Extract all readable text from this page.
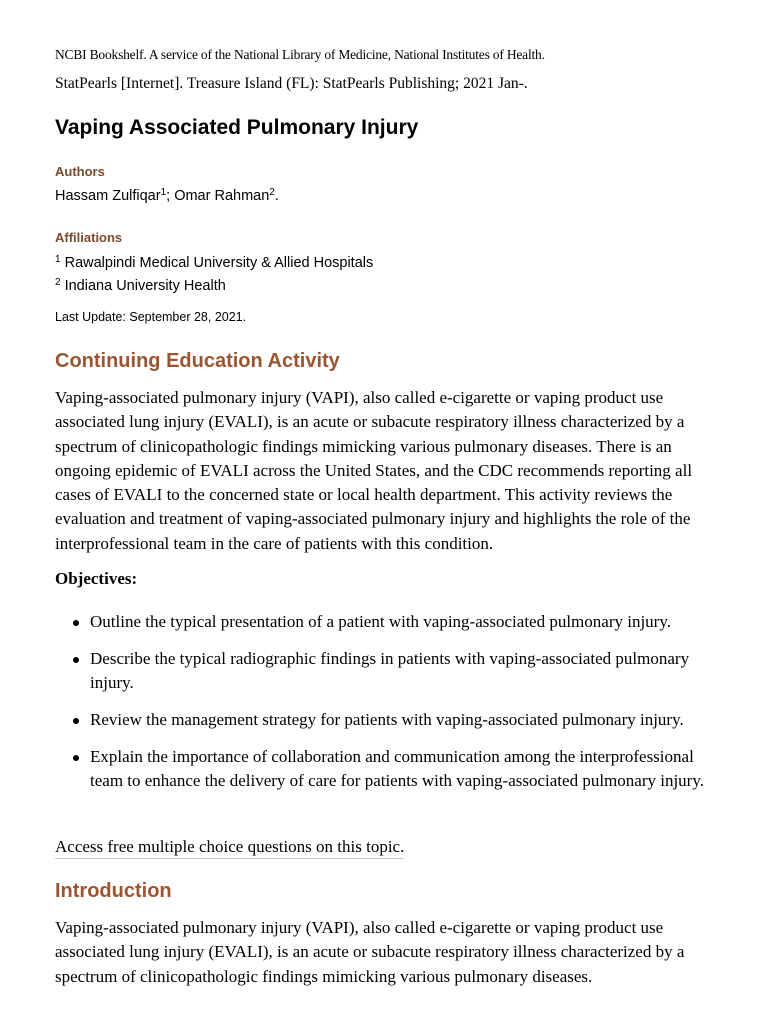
NCBI Bookshelf. A service of the National Library of Medicine, National Institutes of Health.
StatPearls [Internet]. Treasure Island (FL): StatPearls Publishing; 2021 Jan-.
Vaping Associated Pulmonary Injury
Authors
Hassam Zulfiqar$^1$; Omar Rahman$^2$.
Affiliations
$^1$ Rawalpindi Medical University & Allied Hospitals
$^2$ Indiana University Health
Last Update: September 28, 2021.
Continuing Education Activity

Vaping-associated pulmonary injury (VAPI), also called e-cigarette or vaping product use associated lung injury (EVALI), is an acute or subacute respiratory illness characterized by a spectrum of clinicopathologic findings mimicking various pulmonary diseases. There is an ongoing epidemic of EVALI across the United States, and the CDC recommends reporting all cases of EVALI to the concerned state or local health department. This activity reviews the evaluation and treatment of vaping-associated pulmonary injury and highlights the role of the interprofessional team in the care of patients with this condition.

Objectives:
Outline the typical presentation of a patient with vaping-associated pulmonary injury.
Describe the typical radiographic findings in patients with vaping-associated pulmonary injury.
Review the management strategy for patients with vaping-associated pulmonary injury.
Explain the importance of collaboration and communication among the interprofessional team to enhance the delivery of care for patients with vaping-associated pulmonary injury.
Access free multiple choice questions on this topic.
Introduction

Vaping-associated pulmonary injury (VAPI), also called e-cigarette or vaping product use associated lung injury (EVALI), is an acute or subacute respiratory illness characterized by a spectrum of clinicopathologic findings mimicking various pulmonary diseases.
